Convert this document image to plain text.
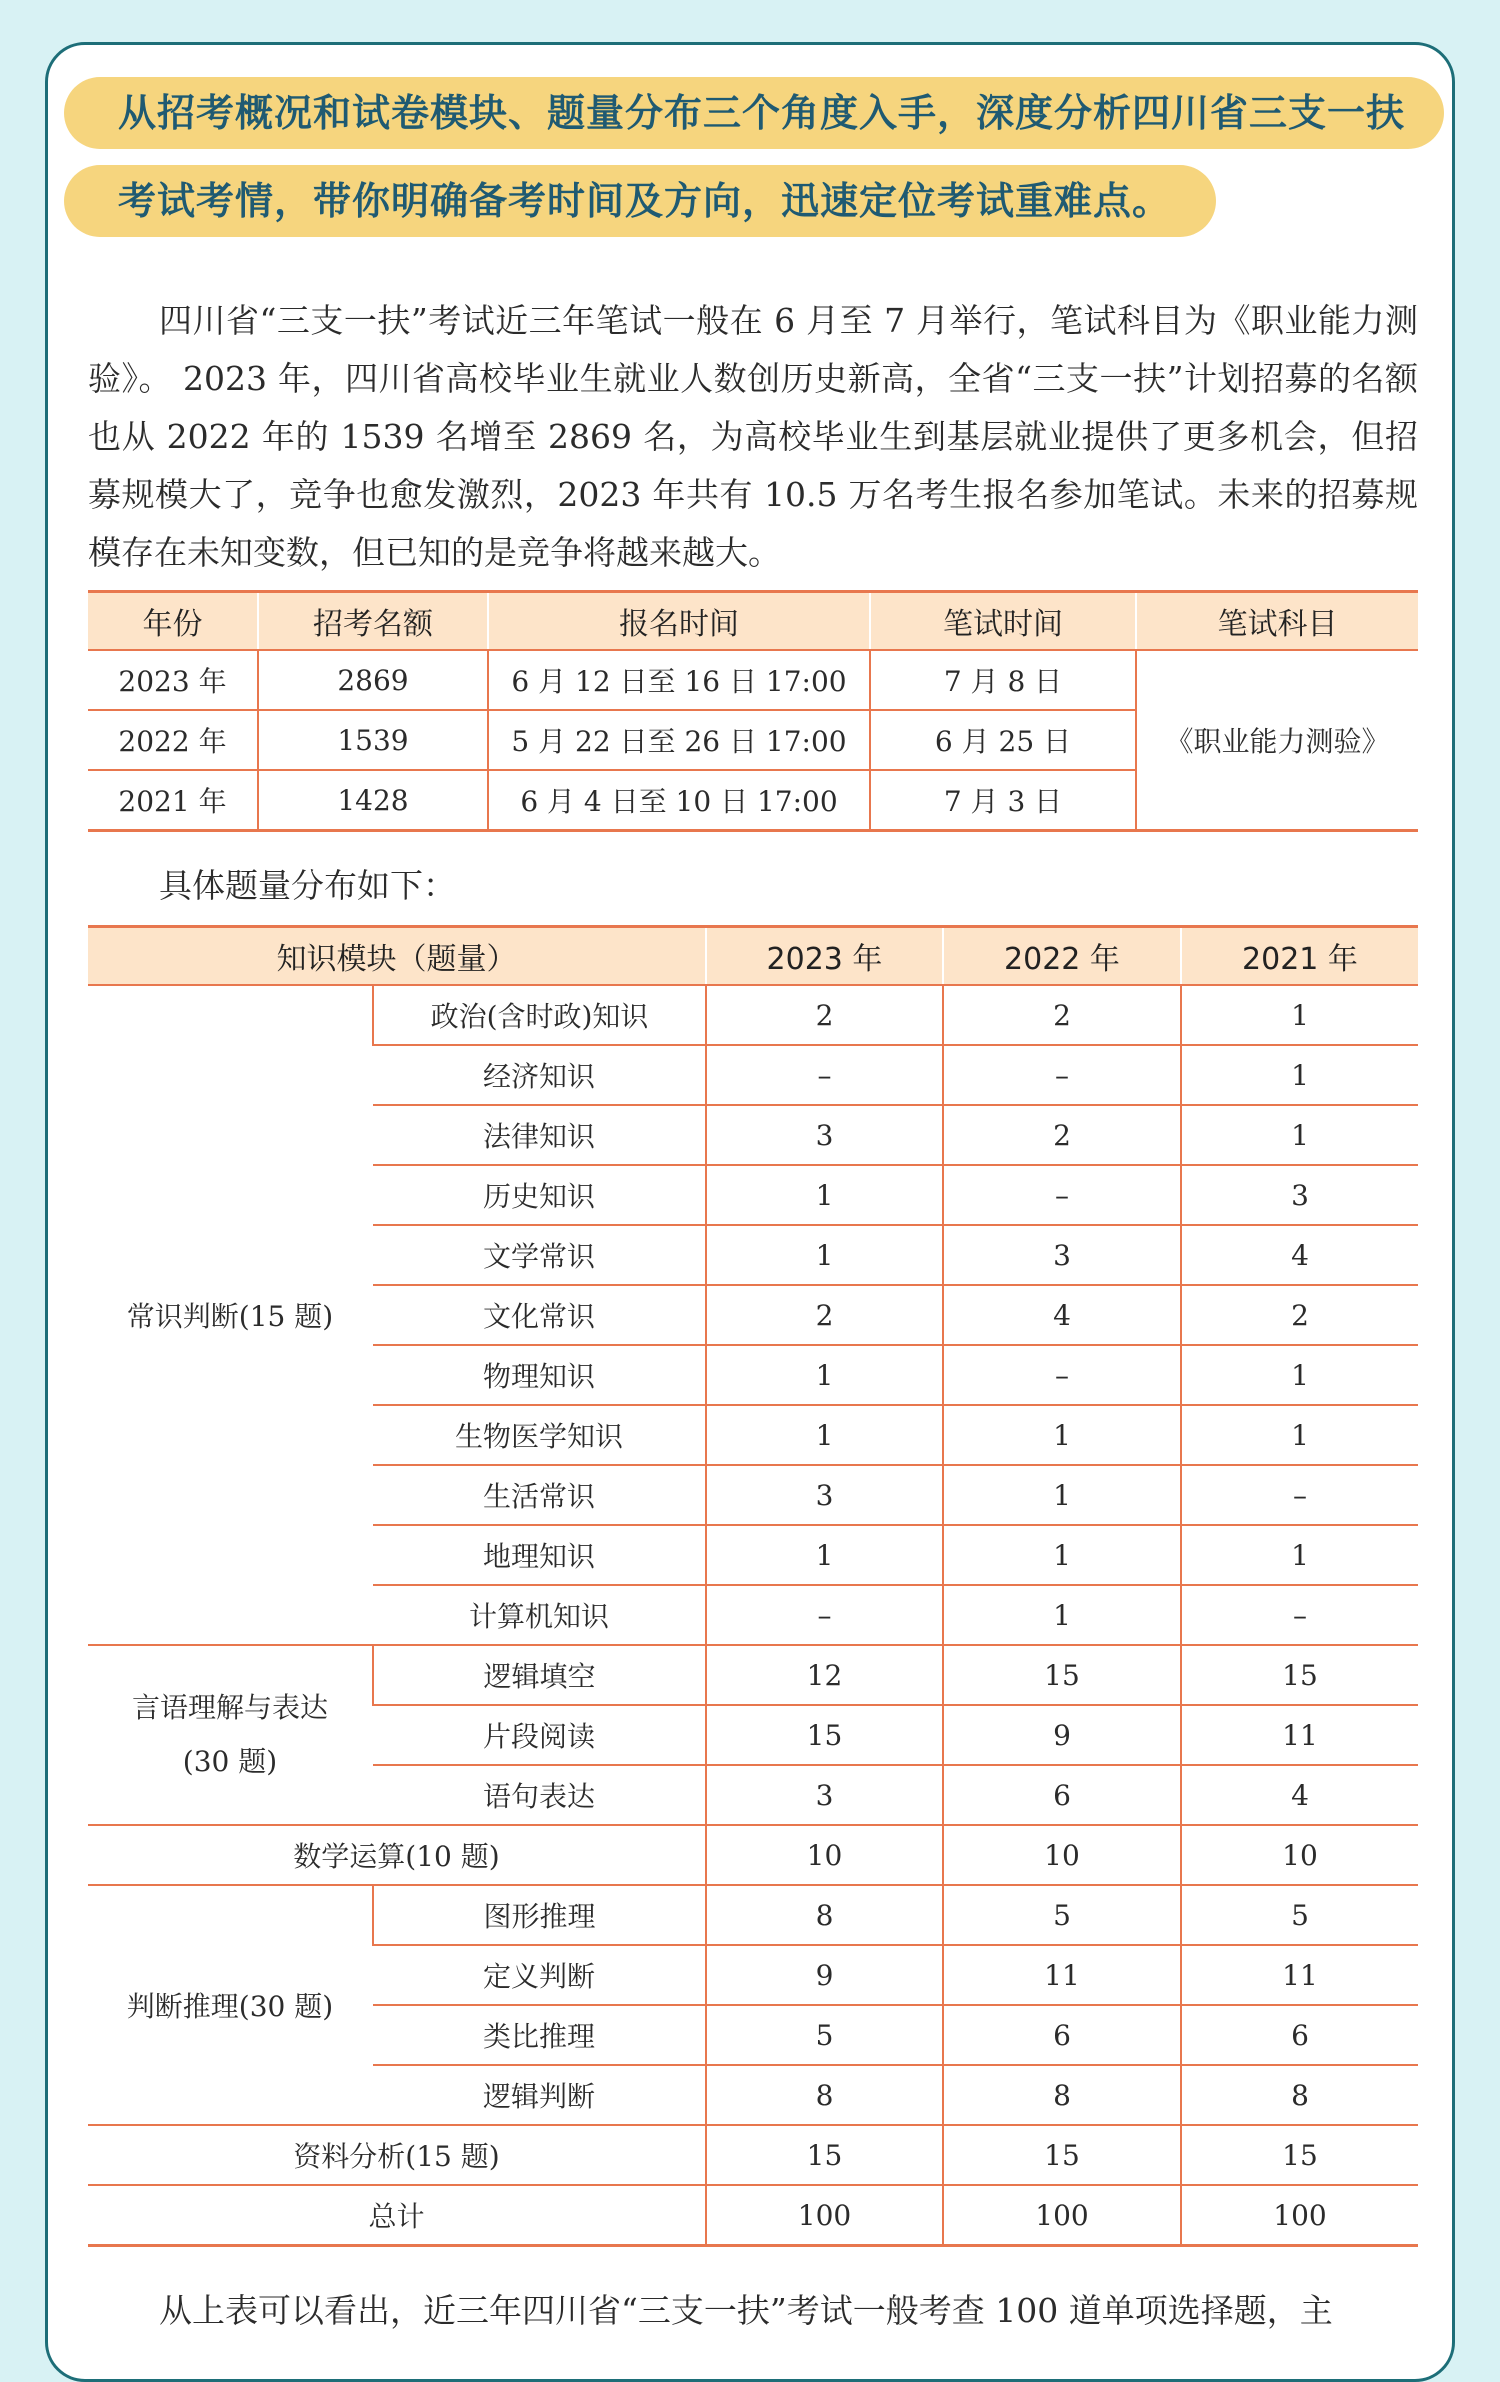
从招考概况和试卷模块、题量分布三个角度入手，深度分析四川省三支一扶
考试考情，带你明确备考时间及方向，迅速定位考试重难点。

四川省“三支一扶”考试近三年笔试一般在 6 月至 7 月举行，笔试科目为《职业能力测验》。 2023 年，四川省高校毕业生就业人数创历史新高，全省“三支一扶”计划招募的名额也从 2022 年的 1539 名增至 2869 名，为高校毕业生到基层就业提供了更多机会，但招募规模大了，竞争也愈发激烈，2023 年共有 10.5 万名考生报名参加笔试。未来的招募规模存在未知变数，但已知的是竞争将越来越大。

年份	招考名额	报名时间	笔试时间	笔试科目
2023 年	2869	6 月 12 日至 16 日 17:00	7 月 8 日	《职业能力测验》
2022 年	1539	5 月 22 日至 26 日 17:00	6 月 25 日	
2021 年	1428	6 月 4 日至 10 日 17:00	7 月 3 日	
具体题量分布如下：
知识模块（题量）		2023 年	2022 年	2021 年
常识判断(15 题)	政治(含时政)知识	2	2	1
	经济知识	–	–	1
	法律知识	3	2	1
	历史知识	1	–	3
	文学常识	1	3	4
	文化常识	2	4	2
	物理知识	1	–	1
	生物医学知识	1	1	1
	生活常识	3	1	–
	地理知识	1	1	1
	计算机知识	–	1	–

言语理解与表达
(30 题)	逻辑填空	12	15	15
	片段阅读	15	9	11
	语句表达	3	6	4
数学运算(10 题)		10	10	10
判断推理(30 题)	图形推理	8	5	5
	定义判断	9	11	11
	类比推理	5	6	6
	逻辑判断	8	8	8
资料分析(15 题)		15	15	15
总计		100	100	100
从上表可以看出，近三年四川省“三支一扶”考试一般考查 100 道单项选择题，主
